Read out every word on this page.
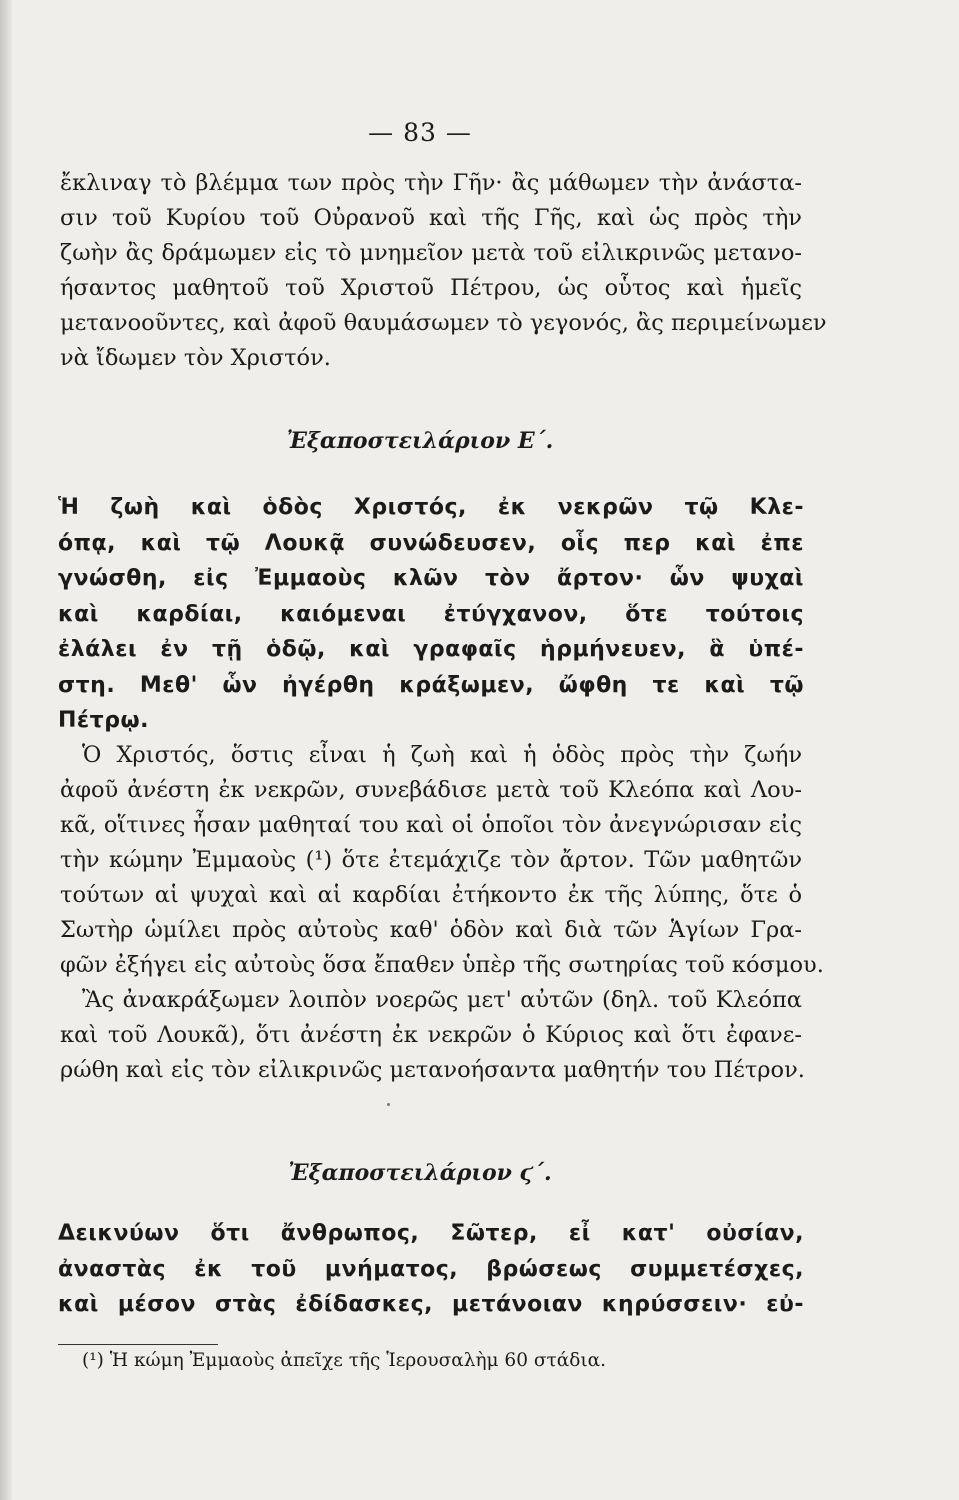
— 83 —
ἔκλιναγ τὸ βλέμμα των πρὸς τὴν Γῆν· ἂς μάθωμεν τὴν ἀνάστα-
σιν τοῦ Κυρίου τοῦ Οὐρανοῦ καὶ τῆς Γῆς, καὶ ὡς πρὸς τὴν
ζωὴν ἂς δράμωμεν εἰς τὸ μνημεῖον μετὰ τοῦ εἰλικρινῶς μετανο-
ήσαντος μαθητοῦ τοῦ Χριστοῦ Πέτρου, ὡς οὗτος καὶ ἡμεῖς
μετανοοῦντες, καὶ ἀφοῦ θαυμάσωμεν τὸ γεγονός, ἂς περιμείνωμεν
νὰ ἴδωμεν τὸν Χριστόν.
Ἐξαποστειλάριον Ε΄.
Ἡ ζωὴ καὶ ὁδὸς Χριστός, ἐκ νεκρῶν τῷ Κλε-
όπᾳ, καὶ τῷ Λουκᾷ συνώδευσεν, οἷς περ καὶ ἐπε
γνώσθη, εἰς Ἐμμαοὺς κλῶν τὸν ἄρτον· ὧν ψυχαὶ
καὶ καρδίαι, καιόμεναι ἐτύγχανον, ὅτε τούτοις
ἐλάλει ἐν τῇ ὁδῷ, καὶ γραφαῖς ἡρμήνευεν, ἃ ὑπέ-
στη. Μεθ' ὧν ἠγέρθη κράξωμεν, ὤφθη τε καὶ τῷ
Πέτρῳ.
Ὁ Χριστός, ὅστις εἶναι ἡ ζωὴ καὶ ἡ ὁδὸς πρὸς τὴν ζωήν
ἀφοῦ ἀνέστη ἐκ νεκρῶν, συνεβάδισε μετὰ τοῦ Κλεόπα καὶ Λου-
κᾶ, οἵτινες ἦσαν μαθηταί του καὶ οἱ ὁποῖοι τὸν ἀνεγνώρισαν εἰς
τὴν κώμην Ἐμμαοὺς (¹) ὅτε ἐτεμάχιζε τὸν ἄρτον. Τῶν μαθητῶν
τούτων αἱ ψυχαὶ καὶ αἱ καρδίαι ἐτήκοντο ἐκ τῆς λύπης, ὅτε ὁ
Σωτὴρ ὡμίλει πρὸς αὐτοὺς καθ' ὁδὸν καὶ διὰ τῶν Ἁγίων Γρα-
φῶν ἐξήγει εἰς αὐτοὺς ὅσα ἔπαθεν ὑπὲρ τῆς σωτηρίας τοῦ κόσμου.
Ἂς ἀνακράξωμεν λοιπὸν νοερῶς μετ' αὐτῶν (δηλ. τοῦ Κλεόπα
καὶ τοῦ Λουκᾶ), ὅτι ἀνέστη ἐκ νεκρῶν ὁ Κύριος καὶ ὅτι ἐφανε-
ρώθη καὶ εἰς τὸν εἰλικρινῶς μετανοήσαντα μαθητήν του Πέτρον.
Ἐξαποστειλάριον ϛ΄.
Δεικνύων ὅτι ἄνθρωπος, Σῶτερ, εἶ κατ' οὐσίαν,
ἀναστὰς ἐκ τοῦ μνήματος, βρώσεως συμμετέσχες,
καὶ μέσον στὰς ἐδίδασκες, μετάνοιαν κηρύσσειν· εὐ-
(¹) Ἡ κώμη Ἐμμαοὺς ἀπεῖχε τῆς Ἱερουσαλὴμ 60 στάδια.
